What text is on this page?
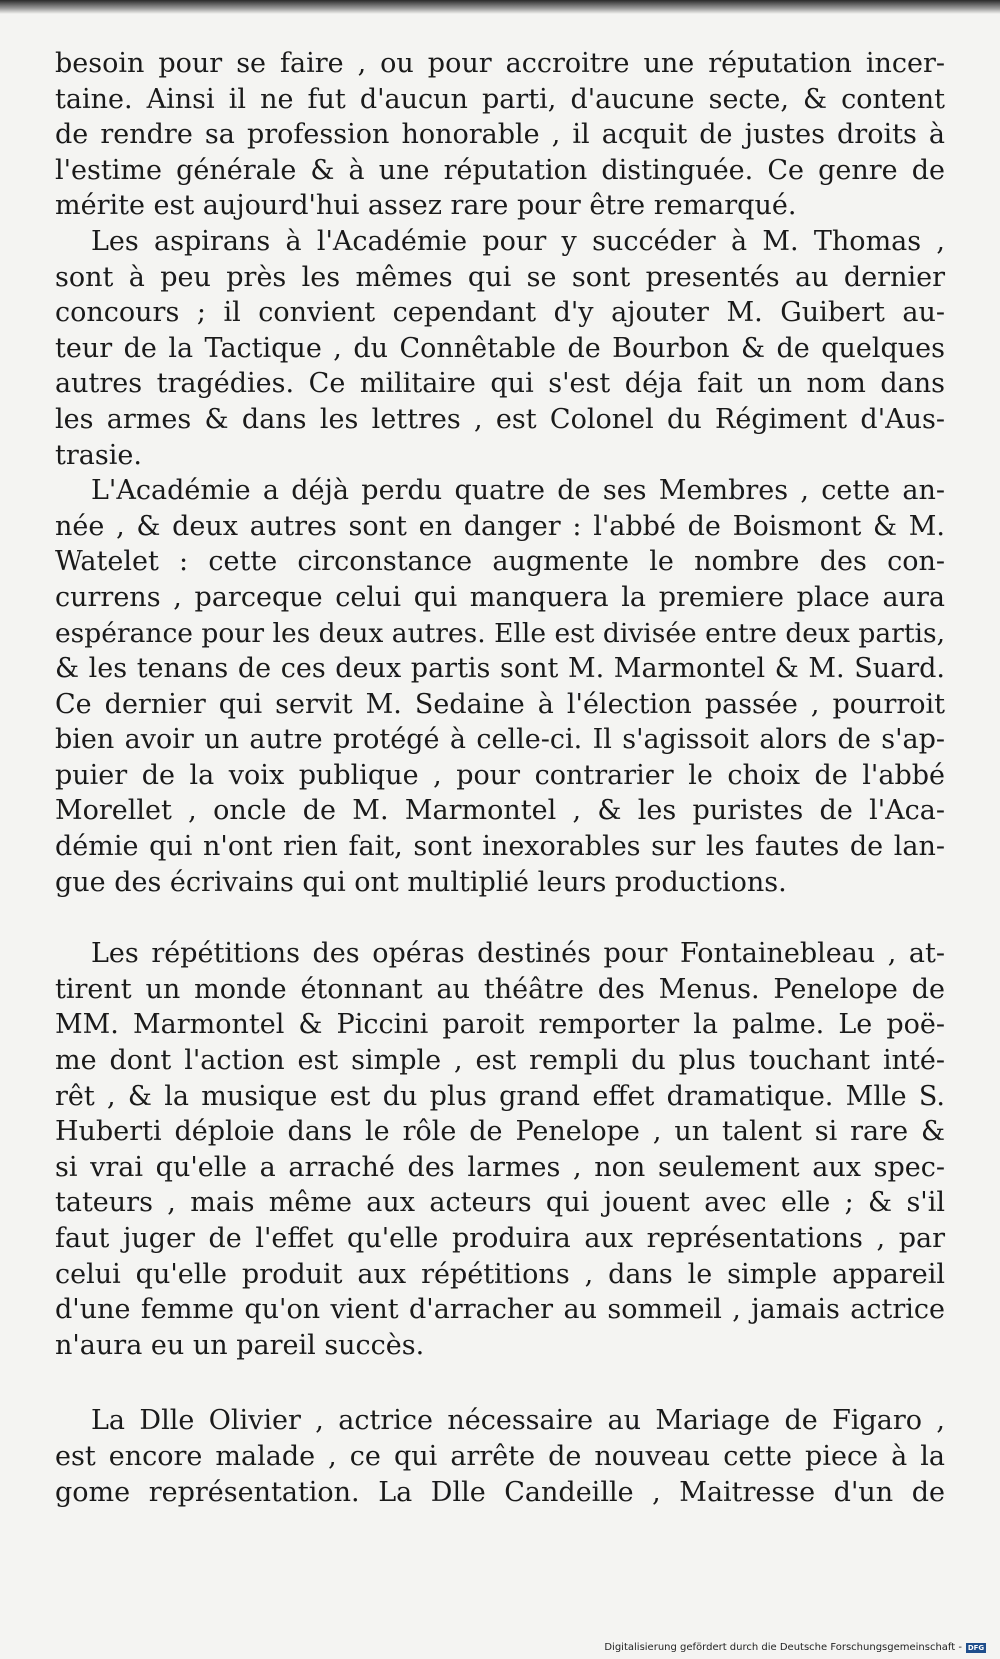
besoin pour se faire , ou pour accroitre une réputation incer-
taine. Ainsi il ne fut d'aucun parti, d'aucune secte, & content
de rendre sa profession honorable , il acquit de justes droits à
l'estime générale & à une réputation distinguée. Ce genre de
mérite est aujourd'hui assez rare pour être remarqué.
Les aspirans à l'Académie pour y succéder à M. Thomas ,
sont à peu près les mêmes qui se sont presentés au dernier
concours ; il convient cependant d'y ajouter M. Guibert au-
teur de la Tactique , du Connêtable de Bourbon & de quelques
autres tragédies. Ce militaire qui s'est déja fait un nom dans
les armes & dans les lettres , est Colonel du Régiment d'Aus-
trasie.
L'Académie a déjà perdu quatre de ses Membres , cette an-
née , & deux autres sont en danger : l'abbé de Boismont & M.
Watelet : cette circonstance augmente le nombre des con-
currens , parceque celui qui manquera la premiere place aura
espérance pour les deux autres. Elle est divisée entre deux partis,
& les tenans de ces deux partis sont M. Marmontel & M. Suard.
Ce dernier qui servit M. Sedaine à l'élection passée , pourroit
bien avoir un autre protégé à celle-ci. Il s'agissoit alors de s'ap-
puier de la voix publique , pour contrarier le choix de l'abbé
Morellet , oncle de M. Marmontel , & les puristes de l'Aca-
démie qui n'ont rien fait, sont inexorables sur les fautes de lan-
gue des écrivains qui ont multiplié leurs productions.
Les répétitions des opéras destinés pour Fontainebleau , at-
tirent un monde étonnant au théâtre des Menus. Penelope de
MM. Marmontel & Piccini paroit remporter la palme. Le poë-
me dont l'action est simple , est rempli du plus touchant inté-
rêt , & la musique est du plus grand effet dramatique. Mlle S.
Huberti déploie dans le rôle de Penelope , un talent si rare &
si vrai qu'elle a arraché des larmes , non seulement aux spec-
tateurs , mais même aux acteurs qui jouent avec elle ; & s'il
faut juger de l'effet qu'elle produira aux représentations , par
celui qu'elle produit aux répétitions , dans le simple appareil
d'une femme qu'on vient d'arracher au sommeil , jamais actrice
n'aura eu un pareil succès.
La Dlle Olivier , actrice nécessaire au Mariage de Figaro ,
est encore malade , ce qui arrête de nouveau cette piece à la
gome représentation. La Dlle Candeille , Maitresse d'un de
Digitalisierung gefördert durch die Deutsche Forschungsgemeinschaft - DFG
